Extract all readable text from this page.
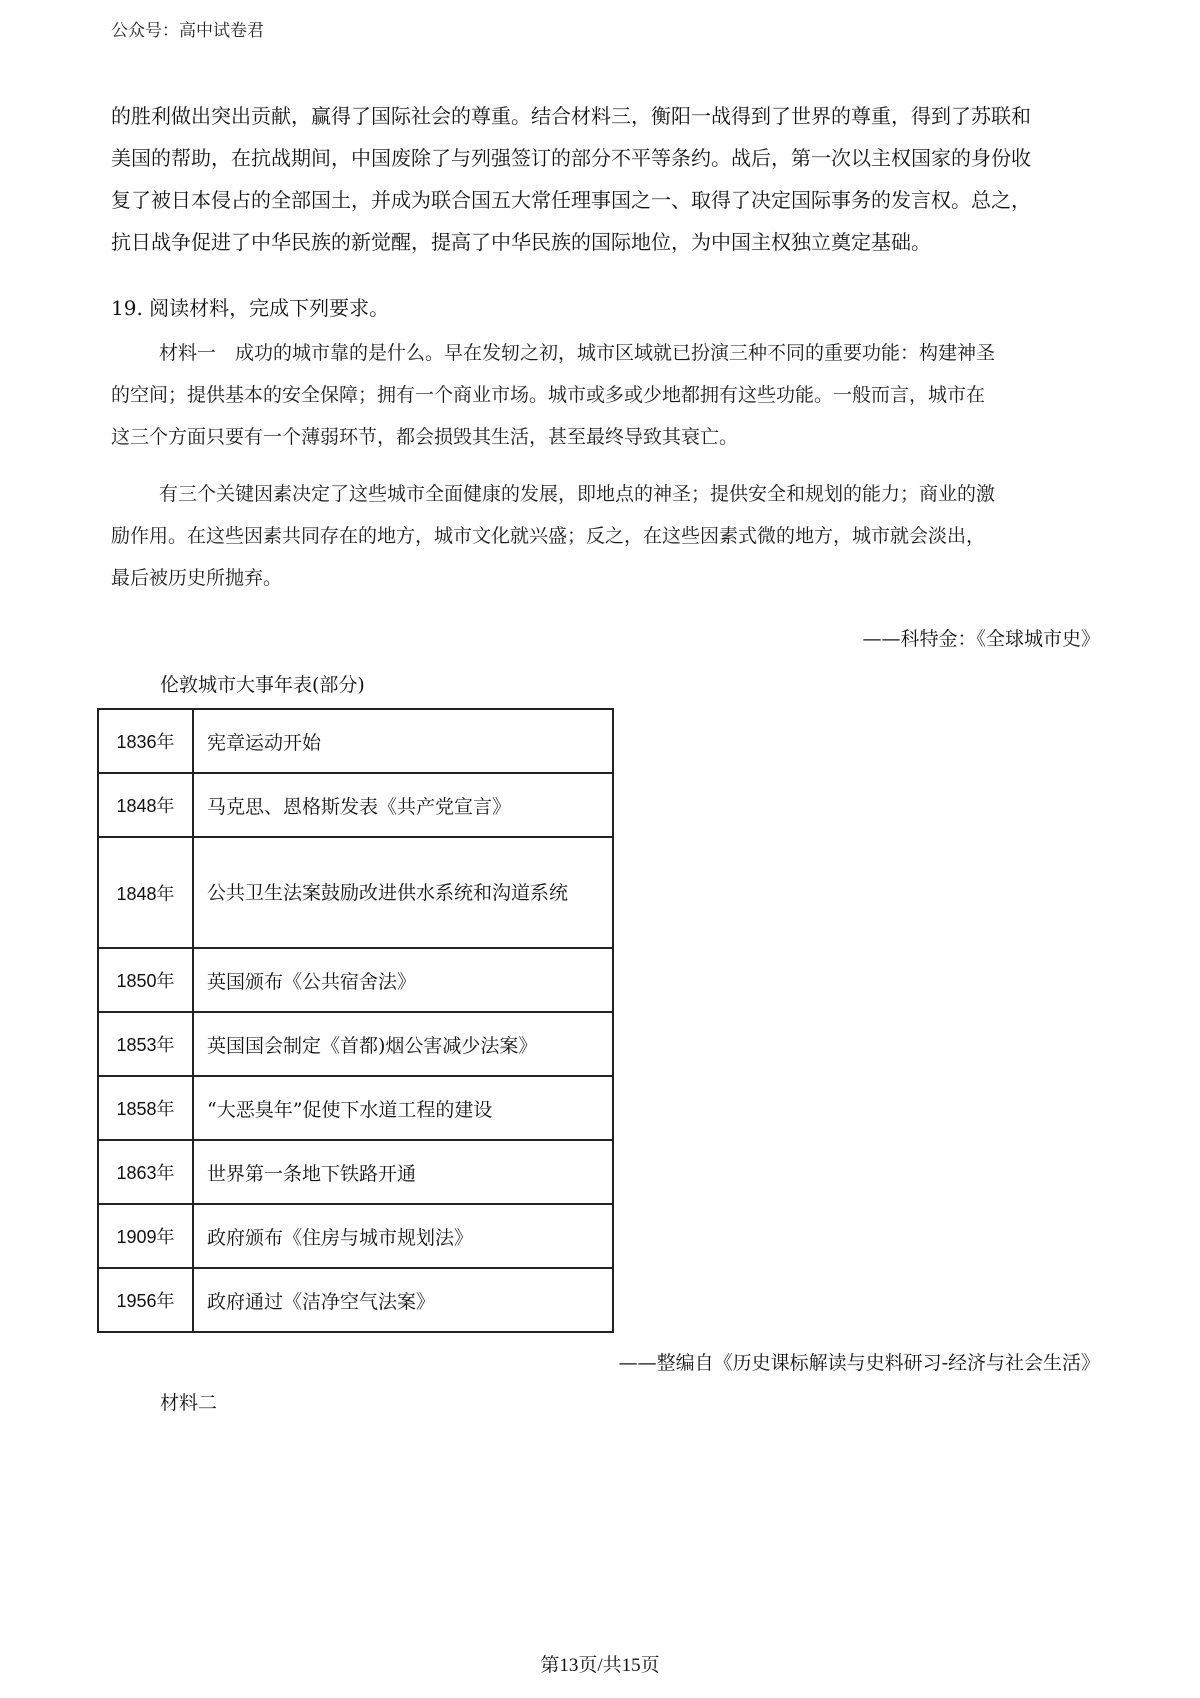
公众号：高中试卷君
的胜利做出突出贡献，赢得了国际社会的尊重。结合材料三，衡阳一战得到了世界的尊重，得到了苏联和
美国的帮助，在抗战期间，中国废除了与列强签订的部分不平等条约。战后，第一次以主权国家的身份收
复了被日本侵占的全部国土，并成为联合国五大常任理事国之一、取得了决定国际事务的发言权。总之，
抗日战争促进了中华民族的新觉醒，提高了中华民族的国际地位，为中国主权独立奠定基础。
19. 阅读材料，完成下列要求。
材料一　成功的城市靠的是什么。早在发轫之初，城市区域就已扮演三种不同的重要功能：构建神圣
的空间；提供基本的安全保障；拥有一个商业市场。城市或多或少地都拥有这些功能。一般而言，城市在
这三个方面只要有一个薄弱环节，都会损毁其生活，甚至最终导致其衰亡。
有三个关键因素决定了这些城市全面健康的发展，即地点的神圣；提供安全和规划的能力；商业的激
励作用。在这些因素共同存在的地方，城市文化就兴盛；反之，在这些因素式微的地方，城市就会淡出，
最后被历史所抛弃。
——科特金：《全球城市史》
伦敦城市大事年表(部分)
1836年	宪章运动开始
1848年	马克思、恩格斯发表《共产党宣言》
1848年	公共卫生法案鼓励改进供水系统和沟道系统
1850年	英国颁布《公共宿舍法》
1853年	英国国会制定《首都)烟公害减少法案》
1858年	“大恶臭年”促使下水道工程的建设
1863年	世界第一条地下铁路开通
1909年	政府颁布《住房与城市规划法》
1956年	政府通过《洁净空气法案》
——整编自《历史课标解读与史料研习-经济与社会生活》
材料二
第13页/共15页
